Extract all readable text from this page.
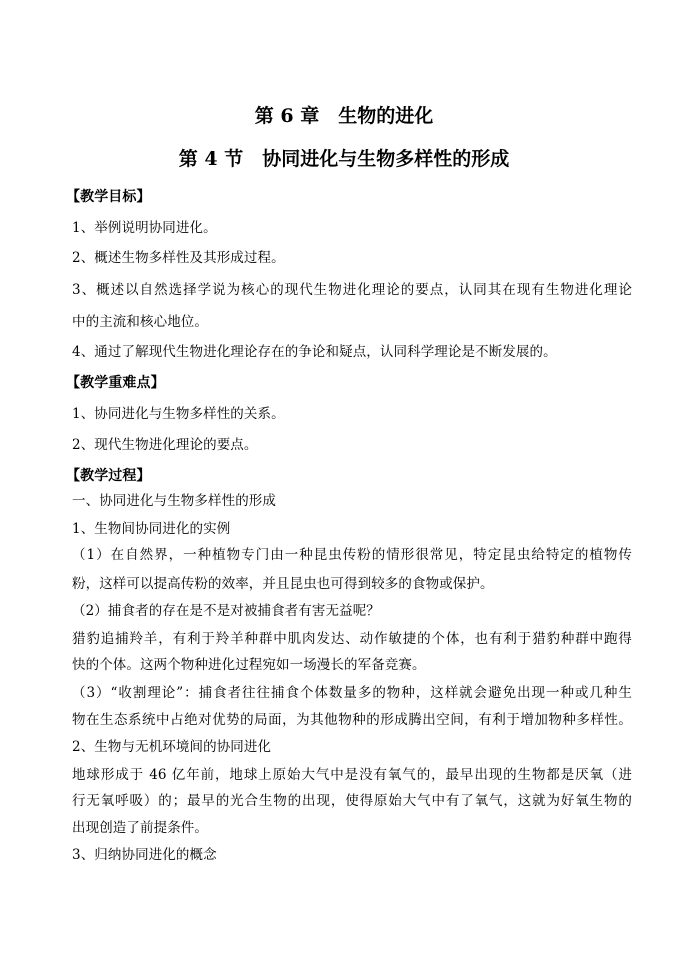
第 6 章　生物的进化
第 4 节　协同进化与生物多样性的形成
【教学目标】
1、举例说明协同进化。
2、概述生物多样性及其形成过程。
3、概述以自然选择学说为核心的现代生物进化理论的要点，认同其在现有生物进化理论
中的主流和核心地位。
4、通过了解现代生物进化理论存在的争论和疑点，认同科学理论是不断发展的。
【教学重难点】
1、协同进化与生物多样性的关系。
2、现代生物进化理论的要点。
【教学过程】
一、协同进化与生物多样性的形成
1、生物间协同进化的实例
（1）在自然界，一种植物专门由一种昆虫传粉的情形很常见，特定昆虫给特定的植物传
粉，这样可以提高传粉的效率，并且昆虫也可得到较多的食物或保护。
（2）捕食者的存在是不是对被捕食者有害无益呢？
猎豹追捕羚羊，有利于羚羊种群中肌肉发达、动作敏捷的个体，也有利于猎豹种群中跑得
快的个体。这两个物种进化过程宛如一场漫长的军备竞赛。
（3）“收割理论”：捕食者往往捕食个体数量多的物种，这样就会避免出现一种或几种生
物在生态系统中占绝对优势的局面，为其他物种的形成腾出空间，有利于增加物种多样性。
2、生物与无机环境间的协同进化
地球形成于 46 亿年前，地球上原始大气中是没有氧气的，最早出现的生物都是厌氧（进
行无氧呼吸）的；最早的光合生物的出现，使得原始大气中有了氧气，这就为好氧生物的
出现创造了前提条件。
3、归纳协同进化的概念
